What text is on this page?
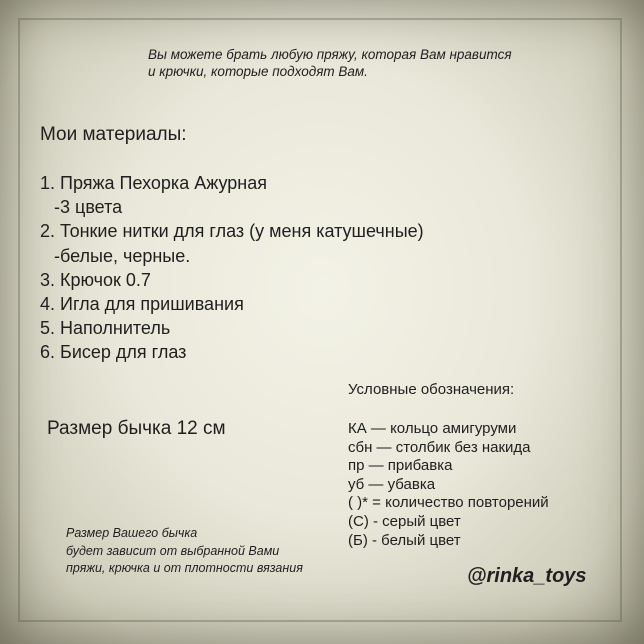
Вы можете брать любую пряжу, которая Вам нравится
и крючки, которые подходят Вам.
Мои материалы:
1. Пряжа Пехорка Ажурная
-3 цвета
2. Тонкие нитки для глаз (у меня катушечные)
-белые, черные.
3. Крючок 0.7
4. Игла для пришивания
5. Наполнитель
6. Бисер для глаз
Условные обозначения:
Размер бычка 12 см	КА — кольцо амигуруми
сбн — столбик без накида
пр — прибавка
уб — убавка
( )* = количество повторений
(С) - серый цвет
(Б) - белый цвет
Размер Вашего бычка
будет зависит от выбранной Вами
пряжи, крючка и от плотности вязания	@rinka_toys
